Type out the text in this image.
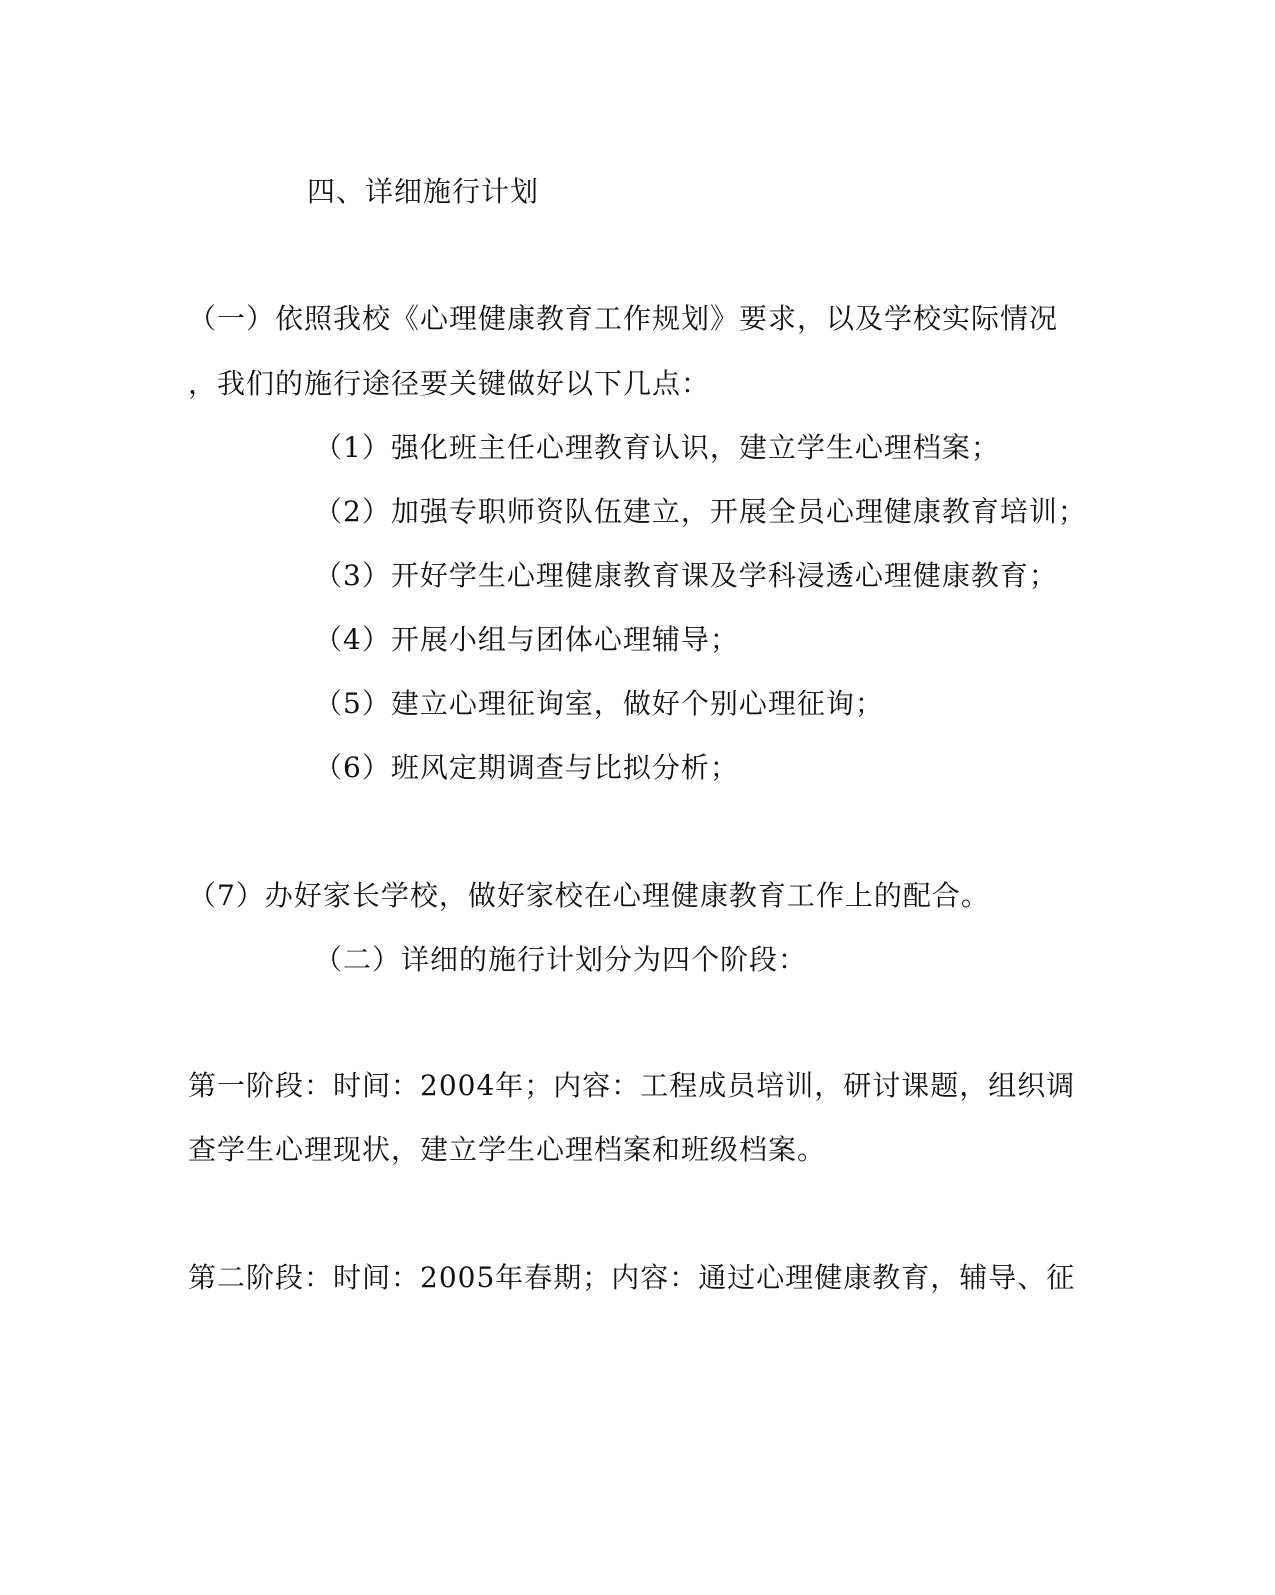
四、详细施行计划
（一）依照我校《心理健康教育工作规划》要求，以及学校实际情况
，我们的施行途径要关键做好以下几点：
（1）强化班主任心理教育认识，建立学生心理档案；
（2）加强专职师资队伍建立，开展全员心理健康教育培训；
（3）开好学生心理健康教育课及学科浸透心理健康教育；
（4）开展小组与团体心理辅导；
（5）建立心理征询室，做好个别心理征询；
（6）班风定期调查与比拟分析；
（7）办好家长学校，做好家校在心理健康教育工作上的配合。
（二）详细的施行计划分为四个阶段：
第一阶段：时间：2004年；内容：工程成员培训，研讨课题，组织调
查学生心理现状，建立学生心理档案和班级档案。
第二阶段：时间：2005年春期；内容：通过心理健康教育，辅导、征
